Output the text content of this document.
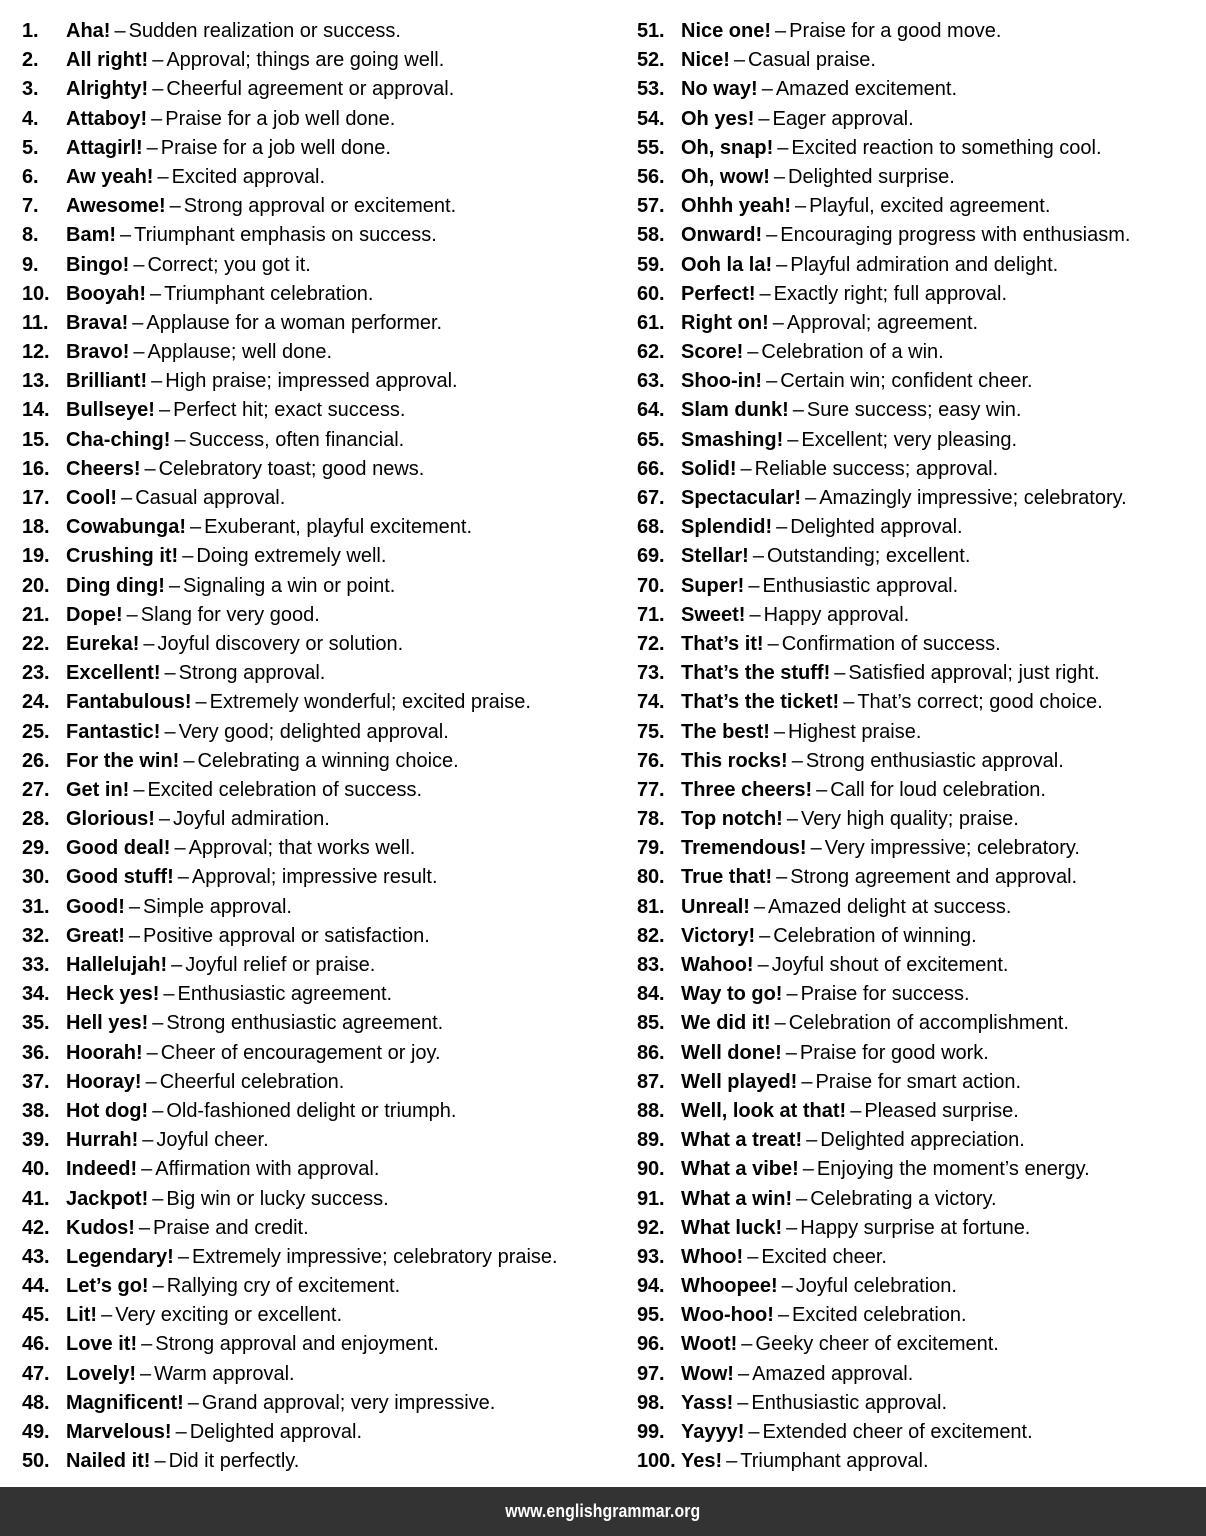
1.	Aha! – Sudden realization or success.
2.	All right! – Approval; things are going well.
3.	Alrighty! – Cheerful agreement or approval.
4.	Attaboy! – Praise for a job well done.
5.	Attagirl! – Praise for a job well done.
6.	Aw yeah! – Excited approval.
7.	Awesome! – Strong approval or excitement.
8.	Bam! – Triumphant emphasis on success.
9.	Bingo! – Correct; you got it.
10. Booyah! – Triumphant celebration.
11. Brava! – Applause for a woman performer.
12. Bravo! – Applause; well done.
13. Brilliant! – High praise; impressed approval.
14. Bullseye! – Perfect hit; exact success.
15. Cha-ching! – Success, often financial.
16. Cheers! – Celebratory toast; good news.
17. Cool! – Casual approval.
18. Cowabunga! – Exuberant, playful excitement.
19. Crushing it! – Doing extremely well.
20. Ding ding! – Signaling a win or point.
21. Dope! – Slang for very good.
22. Eureka! – Joyful discovery or solution.
23. Excellent! – Strong approval.
24. Fantabulous! – Extremely wonderful; excited praise.
25. Fantastic! – Very good; delighted approval.
26. For the win! – Celebrating a winning choice.
27. Get in! – Excited celebration of success.
28. Glorious! – Joyful admiration.
29. Good deal! – Approval; that works well.
30. Good stuff! – Approval; impressive result.
31. Good! – Simple approval.
32. Great! – Positive approval or satisfaction.
33. Hallelujah! – Joyful relief or praise.
34. Heck yes! – Enthusiastic agreement.
35. Hell yes! – Strong enthusiastic agreement.
36. Hoorah! – Cheer of encouragement or joy.
37. Hooray! – Cheerful celebration.
38. Hot dog! – Old-fashioned delight or triumph.
39. Hurrah! – Joyful cheer.
40. Indeed! – Affirmation with approval.
41. Jackpot! – Big win or lucky success.
42. Kudos! – Praise and credit.
43. Legendary! – Extremely impressive; celebratory praise.
44. Let’s go! – Rallying cry of excitement.
45. Lit! – Very exciting or excellent.
46. Love it! – Strong approval and enjoyment.
47. Lovely! – Warm approval.
48. Magnificent! – Grand approval; very impressive.
49. Marvelous! – Delighted approval.
50. Nailed it! – Did it perfectly.
51. Nice one! – Praise for a good move.
52. Nice! – Casual praise.
53. No way! – Amazed excitement.
54. Oh yes! – Eager approval.
55. Oh, snap! – Excited reaction to something cool.
56. Oh, wow! – Delighted surprise.
57. Ohhh yeah! – Playful, excited agreement.
58. Onward! – Encouraging progress with enthusiasm.
59. Ooh la la! – Playful admiration and delight.
60. Perfect! – Exactly right; full approval.
61. Right on! – Approval; agreement.
62. Score! – Celebration of a win.
63. Shoo-in! – Certain win; confident cheer.
64. Slam dunk! – Sure success; easy win.
65. Smashing! – Excellent; very pleasing.
66. Solid! – Reliable success; approval.
67. Spectacular! – Amazingly impressive; celebratory.
68. Splendid! – Delighted approval.
69. Stellar! – Outstanding; excellent.
70. Super! – Enthusiastic approval.
71. Sweet! – Happy approval.
72. That’s it! – Confirmation of success.
73. That’s the stuff! – Satisfied approval; just right.
74. That’s the ticket! – That’s correct; good choice.
75. The best! – Highest praise.
76. This rocks! – Strong enthusiastic approval.
77. Three cheers! – Call for loud celebration.
78. Top notch! – Very high quality; praise.
79. Tremendous! – Very impressive; celebratory.
80. True that! – Strong agreement and approval.
81. Unreal! – Amazed delight at success.
82. Victory! – Celebration of winning.
83. Wahoo! – Joyful shout of excitement.
84. Way to go! – Praise for success.
85. We did it! – Celebration of accomplishment.
86. Well done! – Praise for good work.
87. Well played! – Praise for smart action.
88. Well, look at that! – Pleased surprise.
89. What a treat! – Delighted appreciation.
90. What a vibe! – Enjoying the moment’s energy.
91. What a win! – Celebrating a victory.
92. What luck! – Happy surprise at fortune.
93. Whoo! – Excited cheer.
94. Whoopee! – Joyful celebration.
95. Woo-hoo! – Excited celebration.
96. Woot! – Geeky cheer of excitement.
97. Wow! – Amazed approval.
98. Yass! – Enthusiastic approval.
99. Yayyy! – Extended cheer of excitement.
100. Yes! – Triumphant approval.
www.englishgrammar.org
